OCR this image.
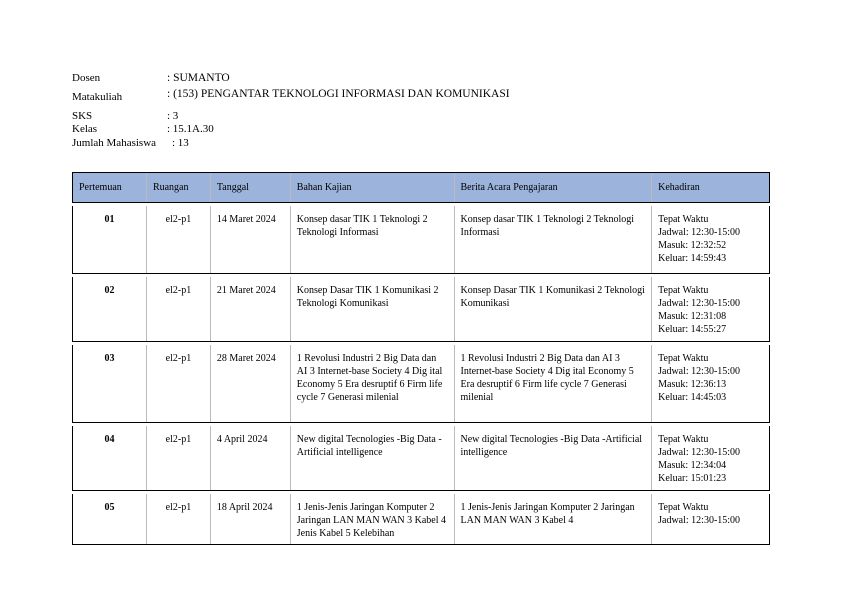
Dosen	: SUMANTO
Matakuliah	: (153) PENGANTAR TEKNOLOGI INFORMASI DAN KOMUNIKASI
SKS	: 3
Kelas	: 15.1A.30
Jumlah Mahasiswa : 13
Pertemuan	Ruangan	Tanggal	Bahan Kajian	Berita Acara Pengajaran	Kehadiran

01	el2-p1	14 Maret 2024	Konsep dasar TIK 1 Teknologi 2 Teknologi Informasi	Konsep dasar TIK 1 Teknologi 2 Teknologi Informasi	Tepat Waktu
Jadwal: 12:30-15:00
Masuk: 12:32:52
Keluar: 14:59:43

02	el2-p1	21 Maret 2024	Konsep Dasar TIK 1 Komunikasi 2 Teknologi Komunikasi	Konsep Dasar TIK 1 Komunikasi 2 Teknologi Komunikasi	Tepat Waktu
Jadwal: 12:30-15:00
Masuk: 12:31:08
Keluar: 14:55:27

03	el2-p1	28 Maret 2024	1 Revolusi Industri 2 Big Data dan AI 3 Internet-base Society 4 Dig ital Economy 5 Era desruptif 6 Firm life cycle 7 Generasi milenial	1 Revolusi Industri 2 Big Data dan AI 3 Internet-base Society 4 Dig ital Economy 5 Era desruptif 6 Firm life cycle 7 Generasi milenial	Tepat Waktu
Jadwal: 12:30-15:00
Masuk: 12:36:13
Keluar: 14:45:03

04	el2-p1	4 April 2024	New digital Tecnologies -Big Data -Artificial intelligence	New digital Tecnologies -Big Data -Artificial intelligence	Tepat Waktu
Jadwal: 12:30-15:00
Masuk: 12:34:04
Keluar: 15:01:23

05	el2-p1	18 April 2024	1 Jenis-Jenis Jaringan Komputer 2 Jaringan LAN MAN WAN 3 Kabel 4 Jenis Kabel 5 Kelebihan	1 Jenis-Jenis Jaringan Komputer 2 Jaringan LAN MAN WAN 3 Kabel 4	Tepat Waktu
Jadwal: 12:30-15:00
